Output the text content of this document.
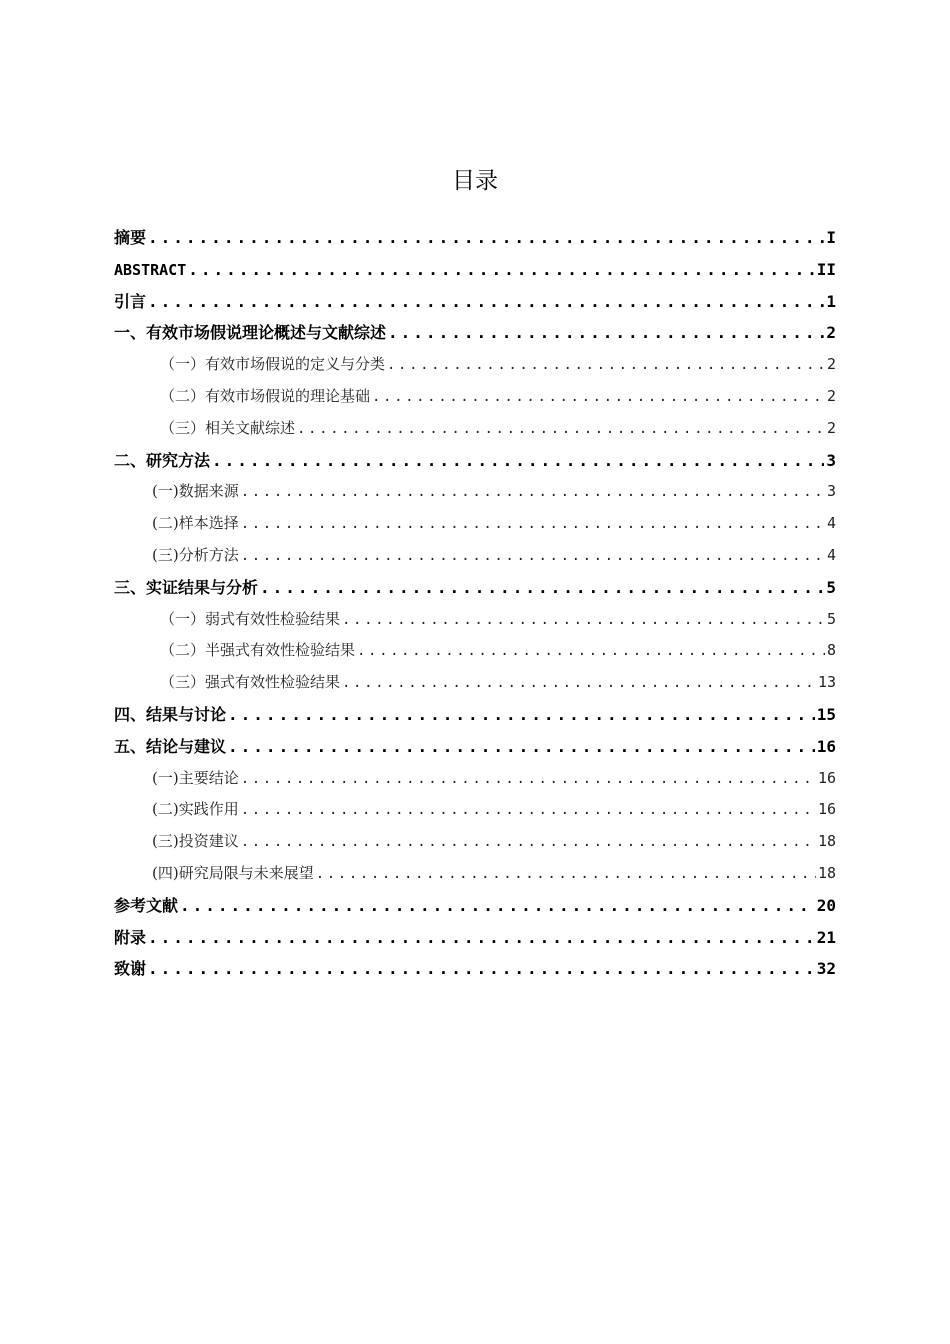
目录
摘要 .....	I
ABSTRACT .....	II
引言 .....	1
一、 有效市场假说理论概述与文献综述 .....	2
（一） 有效市场假说的定义与分类 .....	2
（二） 有效市场假说的理论基础 .....	2
（三） 相关文献综述 .....	2
二、 研究方法 .....	3
(一) 数据来源 .....	3
(二) 样本选择 .....	4
(三) 分析方法 .....	4
三、 实证结果与分析 .....	5
（一） 弱式有效性检验结果 .....	5
（二） 半强式有效性检验结果 .....	8
（三） 强式有效性检验结果 .....	13
四、 结果与讨论 .....	15
五、 结论与建议 .....	16
(一) 主要结论 .....	16
(二) 实践作用 .....	16
(三) 投资建议 .....	18
(四) 研究局限与未来展望 .....	18
参考文献 .....	20
附录 .....	21
致谢 .....	32
